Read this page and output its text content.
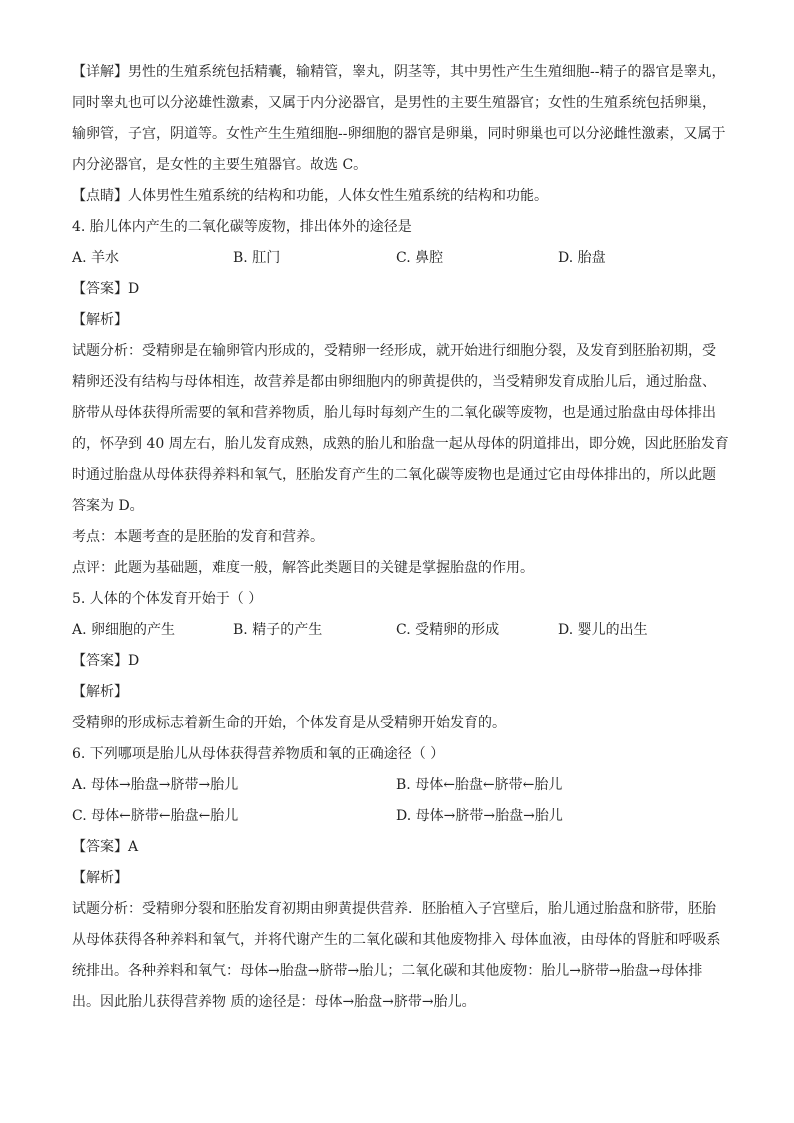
【详解】男性的生殖系统包括精囊，输精管，睾丸，阴茎等，其中男性产生生殖细胞--精子的器官是睾丸，
同时睾丸也可以分泌雄性激素，又属于内分泌器官，是男性的主要生殖器官；女性的生殖系统包括卵巢，
输卵管，子宫，阴道等。女性产生生殖细胞--卵细胞的器官是卵巢，同时卵巢也可以分泌雌性激素，又属于
内分泌器官，是女性的主要生殖器官。故选 C。
【点睛】人体男性生殖系统的结构和功能，人体女性生殖系统的结构和功能。
4. 胎儿体内产生的二氧化碳等废物，排出体外的途径是
A. 羊水	B. 肛门	C. 鼻腔	D. 胎盘
【答案】D
【解析】
试题分析：受精卵是在输卵管内形成的，受精卵一经形成，就开始进行细胞分裂，及发育到胚胎初期，受
精卵还没有结构与母体相连，故营养是都由卵细胞内的卵黄提供的，当受精卵发育成胎儿后，通过胎盘、
脐带从母体获得所需要的氧和营养物质，胎儿每时每刻产生的二氧化碳等废物，也是通过胎盘由母体排出
的，怀孕到 40 周左右，胎儿发育成熟，成熟的胎儿和胎盘一起从母体的阴道排出，即分娩，因此胚胎发育
时通过胎盘从母体获得养料和氧气，胚胎发育产生的二氧化碳等废物也是通过它由母体排出的，所以此题
答案为 D。
考点：本题考查的是胚胎的发育和营养。
点评：此题为基础题，难度一般，解答此类题目的关键是掌握胎盘的作用。
5. 人体的个体发育开始于（ ）
A. 卵细胞的产生	B. 精子的产生	C. 受精卵的形成	D. 婴儿的出生
【答案】D
【解析】
受精卵的形成标志着新生命的开始，个体发育是从受精卵开始发育的。
6. 下列哪项是胎儿从母体获得营养物质和氧的正确途径（ ）
A. 母体→胎盘→脐带→胎儿	B. 母体←胎盘←脐带←胎儿
C. 母体←脐带←胎盘←胎儿	D. 母体→脐带→胎盘→胎儿
【答案】A
【解析】
试题分析：受精卵分裂和胚胎发育初期由卵黄提供营养．胚胎植入子宫壁后，胎儿通过胎盘和脐带，胚胎
从母体获得各种养料和氧气，并将代谢产生的二氧化碳和其他废物排入 母体血液，由母体的肾脏和呼吸系
统排出。各种养料和氧气：母体→胎盘→脐带→胎儿；二氧化碳和其他废物：胎儿→脐带→胎盘→母体排
出。因此胎儿获得营养物 质的途径是：母体→胎盘→脐带→胎儿。
